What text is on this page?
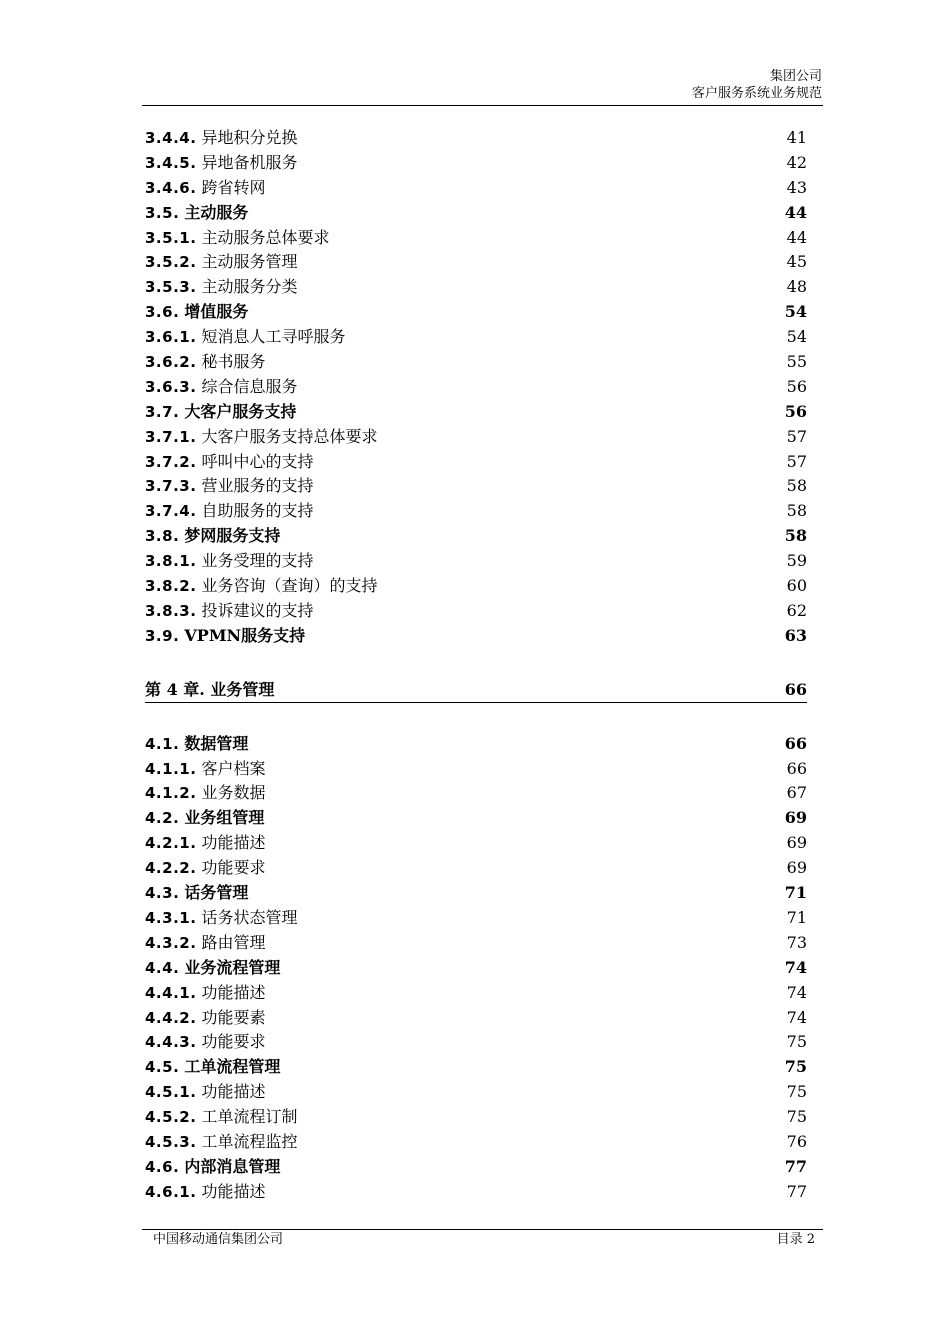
集团公司
客户服务系统业务规范
3.4.4. 异地积分兑换	41
3.4.5. 异地备机服务	42
3.4.6. 跨省转网	43
3.5. 主动服务	44
3.5.1. 主动服务总体要求	44
3.5.2. 主动服务管理	45
3.5.3. 主动服务分类	48
3.6. 增值服务	54
3.6.1. 短消息人工寻呼服务	54
3.6.2. 秘书服务	55
3.6.3. 综合信息服务	56
3.7. 大客户服务支持	56
3.7.1. 大客户服务支持总体要求	57
3.7.2. 呼叫中心的支持	57
3.7.3. 营业服务的支持	58
3.7.4. 自助服务的支持	58
3.8. 梦网服务支持	58
3.8.1. 业务受理的支持	59
3.8.2. 业务咨询（查询）的支持	60
3.8.3. 投诉建议的支持	62
3.9. VPMN服务支持	63
第 4 章. 业务管理	66
4.1. 数据管理	66
4.1.1. 客户档案	66
4.1.2. 业务数据	67
4.2. 业务组管理	69
4.2.1. 功能描述	69
4.2.2. 功能要求	69
4.3. 话务管理	71
4.3.1. 话务状态管理	71
4.3.2. 路由管理	73
4.4. 业务流程管理	74
4.4.1. 功能描述	74
4.4.2. 功能要素	74
4.4.3. 功能要求	75
4.5. 工单流程管理	75
4.5.1. 功能描述	75
4.5.2. 工单流程订制	75
4.5.3. 工单流程监控	76
4.6. 内部消息管理	77
4.6.1. 功能描述	77
中国移动通信集团公司	目录 2
